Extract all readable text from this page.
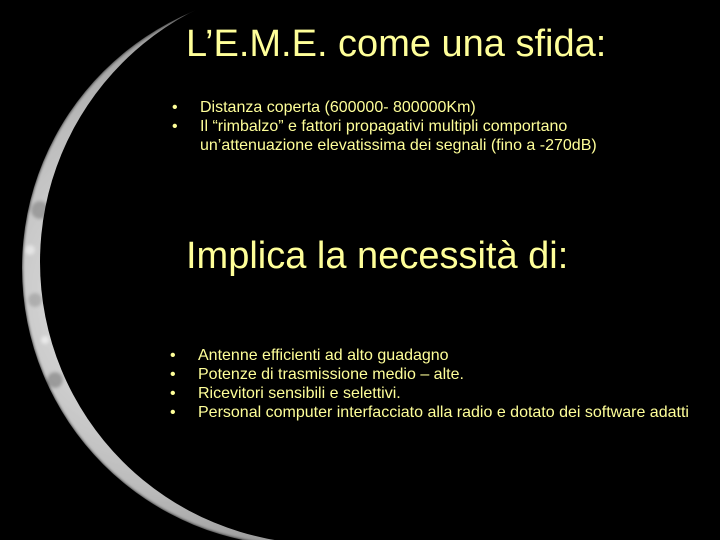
L’E.M.E. come una sfida:
• Distanza coperta (600000- 800000Km)
• Il “rimbalzo” e fattori propagativi multipli comportano un’attenuazione elevatissima dei segnali (fino a -270dB)
Implica la necessità di:
• Antenne efficienti ad alto guadagno
• Potenze di trasmissione medio – alte.
• Ricevitori sensibili e selettivi.
• Personal computer interfacciato alla radio e dotato dei software adatti
